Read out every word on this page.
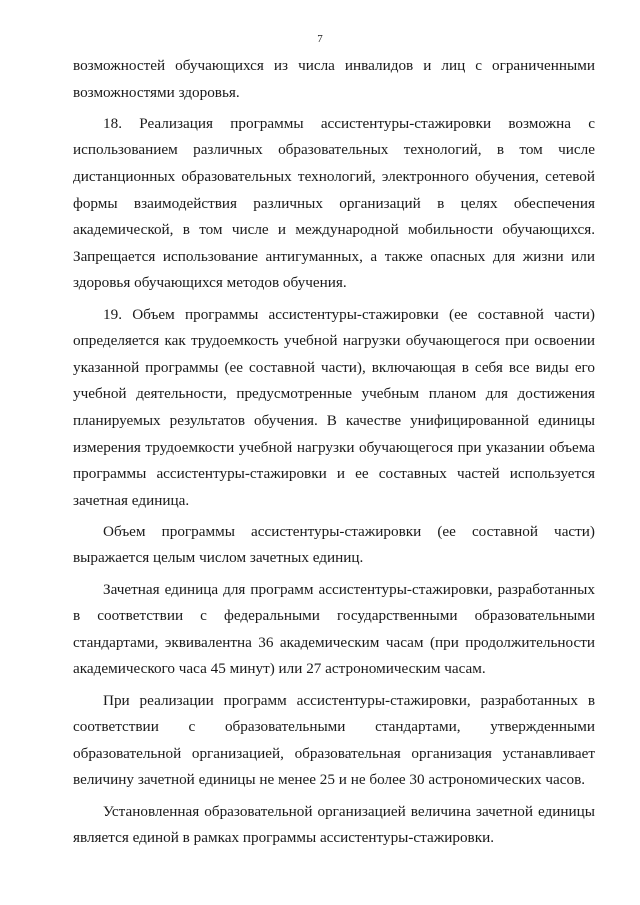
7

возможностей обучающихся из числа инвалидов и лиц с ограниченными возможностями здоровья.

18. Реализация программы ассистентуры-стажировки возможна с использованием различных образовательных технологий, в том числе дистанционных образовательных технологий, электронного обучения, сетевой формы взаимодействия различных организаций в целях обеспечения академической, в том числе и международной мобильности обучающихся. Запрещается использование антигуманных, а также опасных для жизни или здоровья обучающихся методов обучения.

19. Объем программы ассистентуры-стажировки (ее составной части) определяется как трудоемкость учебной нагрузки обучающегося при освоении указанной программы (ее составной части), включающая в себя все виды его учебной деятельности, предусмотренные учебным планом для достижения планируемых результатов обучения. В качестве унифицированной единицы измерения трудоемкости учебной нагрузки обучающегося при указании объема программы ассистентуры-стажировки и ее составных частей используется зачетная единица.

Объем программы ассистентуры-стажировки (ее составной части) выражается целым числом зачетных единиц.

Зачетная единица для программ ассистентуры-стажировки, разработанных в соответствии с федеральными государственными образовательными стандартами, эквивалентна 36 академическим часам (при продолжительности академического часа 45 минут) или 27 астрономическим часам.

При реализации программ ассистентуры-стажировки, разработанных в соответствии с образовательными стандартами, утвержденными образовательной организацией, образовательная организация устанавливает величину зачетной единицы не менее 25 и не более 30 астрономических часов.

Установленная образовательной организацией величина зачетной единицы является единой в рамках программы ассистентуры-стажировки.
